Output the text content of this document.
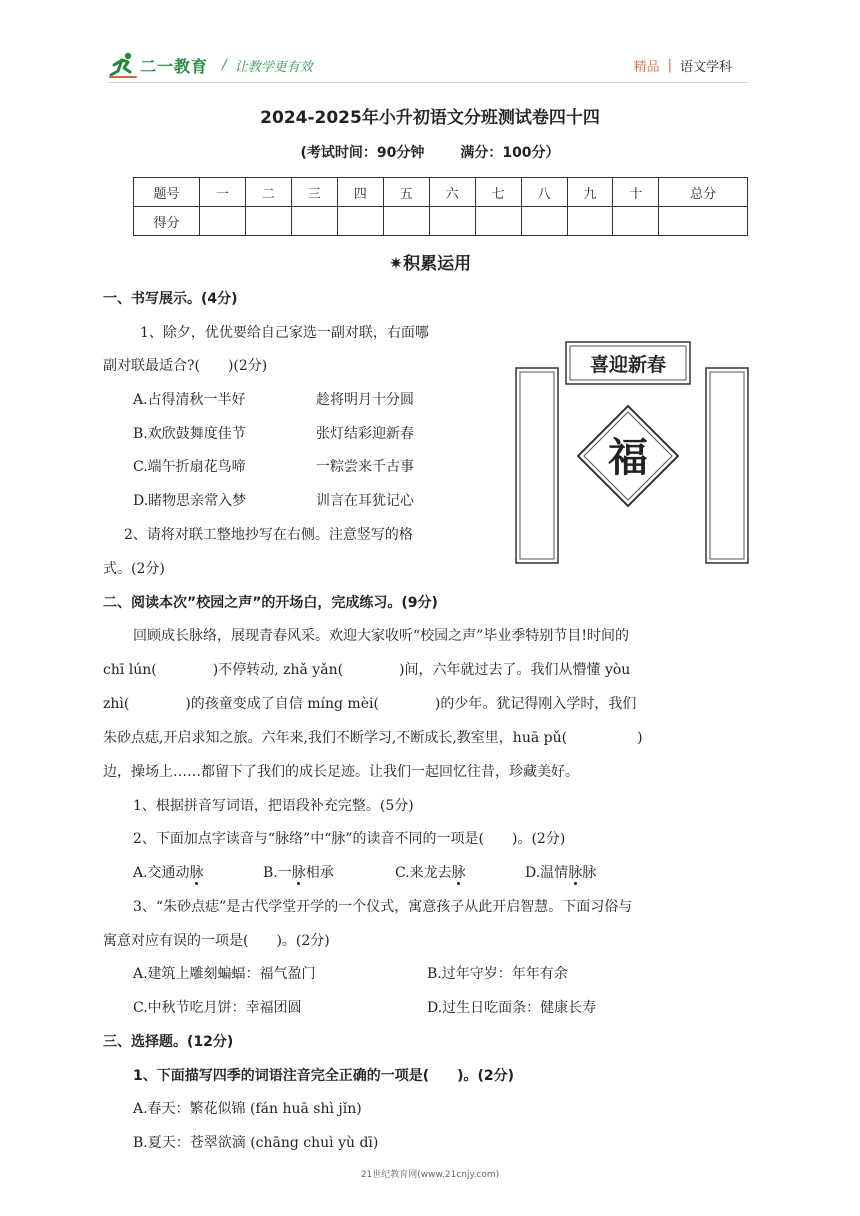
二一教育 / 让教学更有效	精品 | 语文学科
2024-2025年小升初语文分班测试卷四十四
(考试时间：90分钟	满分：100分）
题号	一	二	三	四	五	六	七	八	九	十	总分
得分											
✷积累运用
一、书写展示。(4分)
1、除夕，优优要给自己家选一副对联，右面哪
副对联最适合?(　　)(2分)
A.占得清秋一半好	趁将明月十分圆
B.欢欣鼓舞度佳节	张灯结彩迎新春
C.端午折扇花鸟啼	一粽尝来千古事
D.睹物思亲常入梦	训言在耳犹记心
2、请将对联工整地抄写在右侧。注意竖写的格
式。(2分)
喜迎新春
福
二、阅读本次”校园之声”的开场白，完成练习。(9分)
回顾成长脉络，展现青春风采。欢迎大家收听“校园之声”毕业季特别节目!时间的
chī lún(　　　　)不停转动, zhǎ yǎn(　　　　)间，六年就过去了。我们从懵懂 yòu
zhì(　　　　)的孩童变成了自信 míng mèi(　　　　)的少年。犹记得刚入学时，我们
朱砂点痣,开启求知之旅。六年来,我们不断学习,不断成长,教室里，huā pǔ(　　　　　)
边，操场上……都留下了我们的成长足迹。让我们一起回忆往昔，珍藏美好。
1、根据拼音写词语，把语段补充完整。(5分)
2、下面加点字读音与“脉络”中“脉”的读音不同的一项是(　　)。(2分)
A.交通动脉	B.一脉相承	C.来龙去脉	D.温情脉脉
3、“朱砂点痣”是古代学堂开学的一个仪式，寓意孩子从此开启智慧。下面习俗与
寓意对应有误的一项是(　　)。(2分)
A.建筑上雕刻蝙蝠：福气盈门	B.过年守岁：年年有余
C.中秋节吃月饼：幸福团圆	D.过生日吃面条：健康长寿
三、选择题。(12分)
1、下面描写四季的词语注音完全正确的一项是(　　)。(2分)
A.春天：繁花似锦 (fán huā shì jǐn)
B.夏天：苍翠欲滴 (chāng chuì yù dī)
21世纪教育网(www.21cnjy.com)
